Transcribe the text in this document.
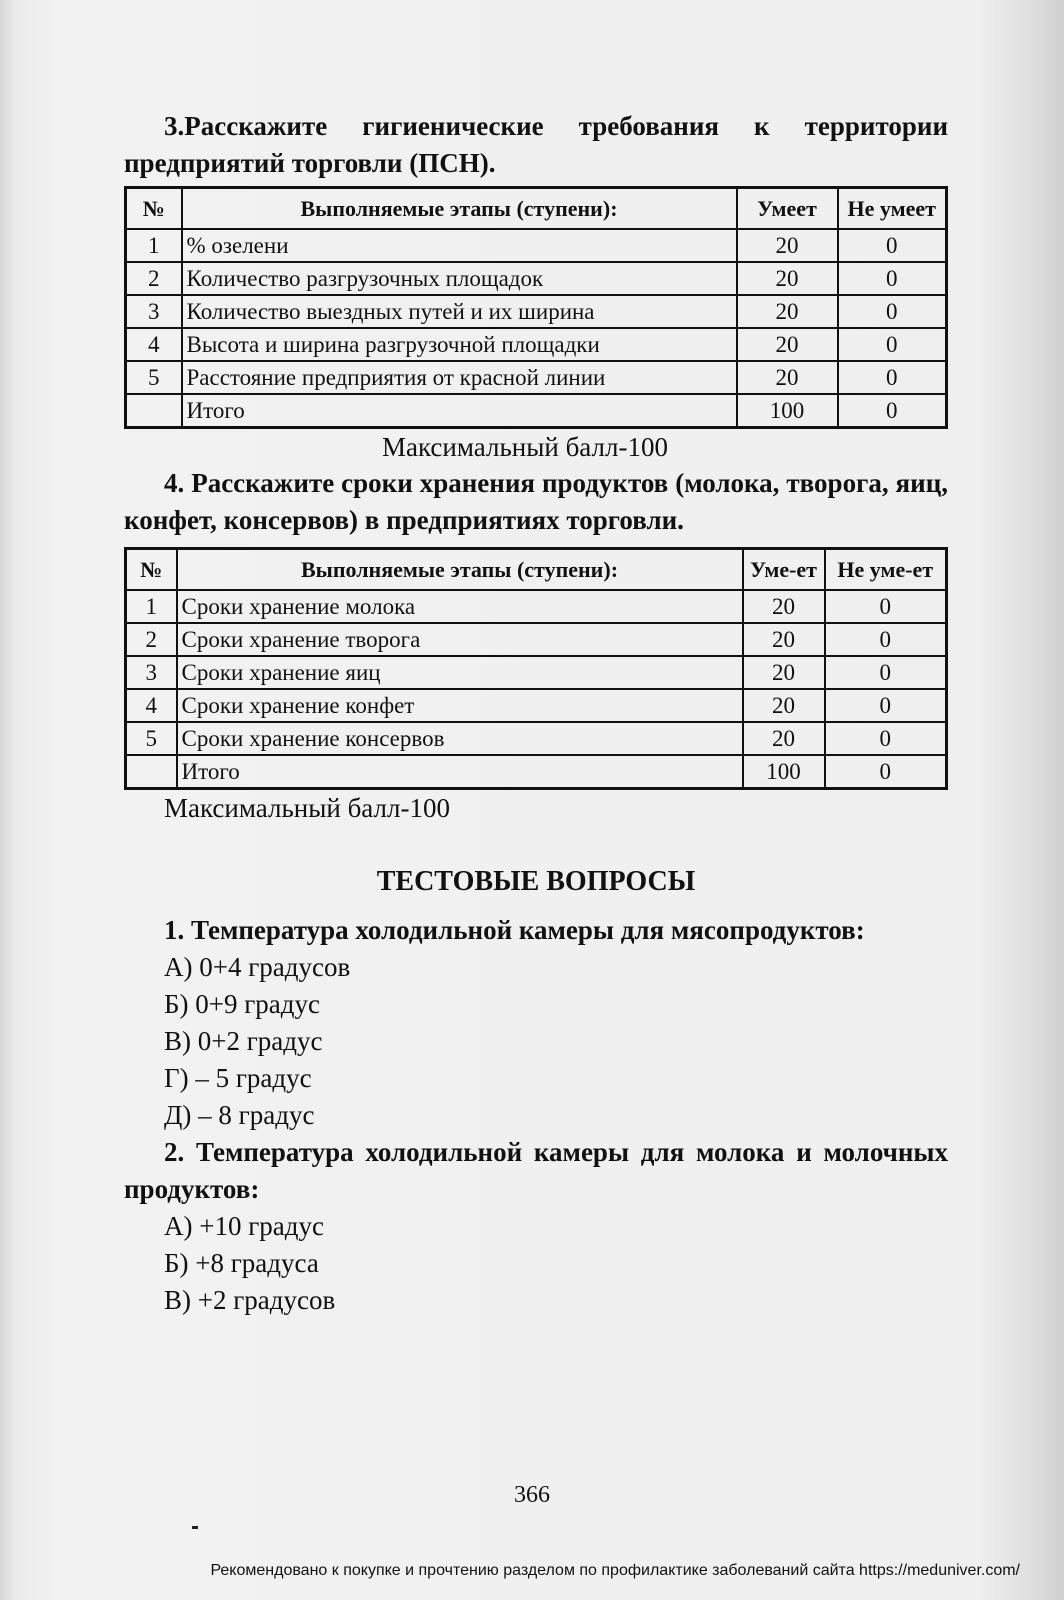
3.Расскажите гигиенические требования к территории предприятий торговли (ПСН).

№	Выполняемые этапы (ступени):	Умеет	Не умеет
1	% озелени	20	0
2	Количество разгрузочных площадок	20	0
3	Количество выездных путей и их ширина	20	0
4	Высота и ширина разгрузочной площадки	20	0
5	Расстояние предприятия от красной линии	20	0
	Итого	100	0
Максимальный балл-100

4. Расскажите сроки хранения продуктов (молока, творога, яиц, конфет, консервов) в предприятиях торговли.

№	Выполняемые этапы (ступени):	Уме-ет	Не уме-ет
1	Сроки хранение молока	20	0
2	Сроки хранение творога	20	0
3	Сроки хранение яиц	20	0
4	Сроки хранение конфет	20	0
5	Сроки хранение консервов	20	0
	Итого	100	0
Максимальный балл-100
ТЕСТОВЫЕ ВОПРОСЫ

1. Температура холодильной камеры для мясопродуктов:

А) 0+4 градусов
Б) 0+9 градус
В) 0+2 градус
Г) – 5 градус
Д) – 8 градус

2. Температура холодильной камеры для молока и молочных продуктов:

А) +10 градус
Б) +8 градуса
В) +2 градусов
366
Рекомендовано к покупке и прочтению разделом по профилактике заболеваний сайта https://meduniver.com/
